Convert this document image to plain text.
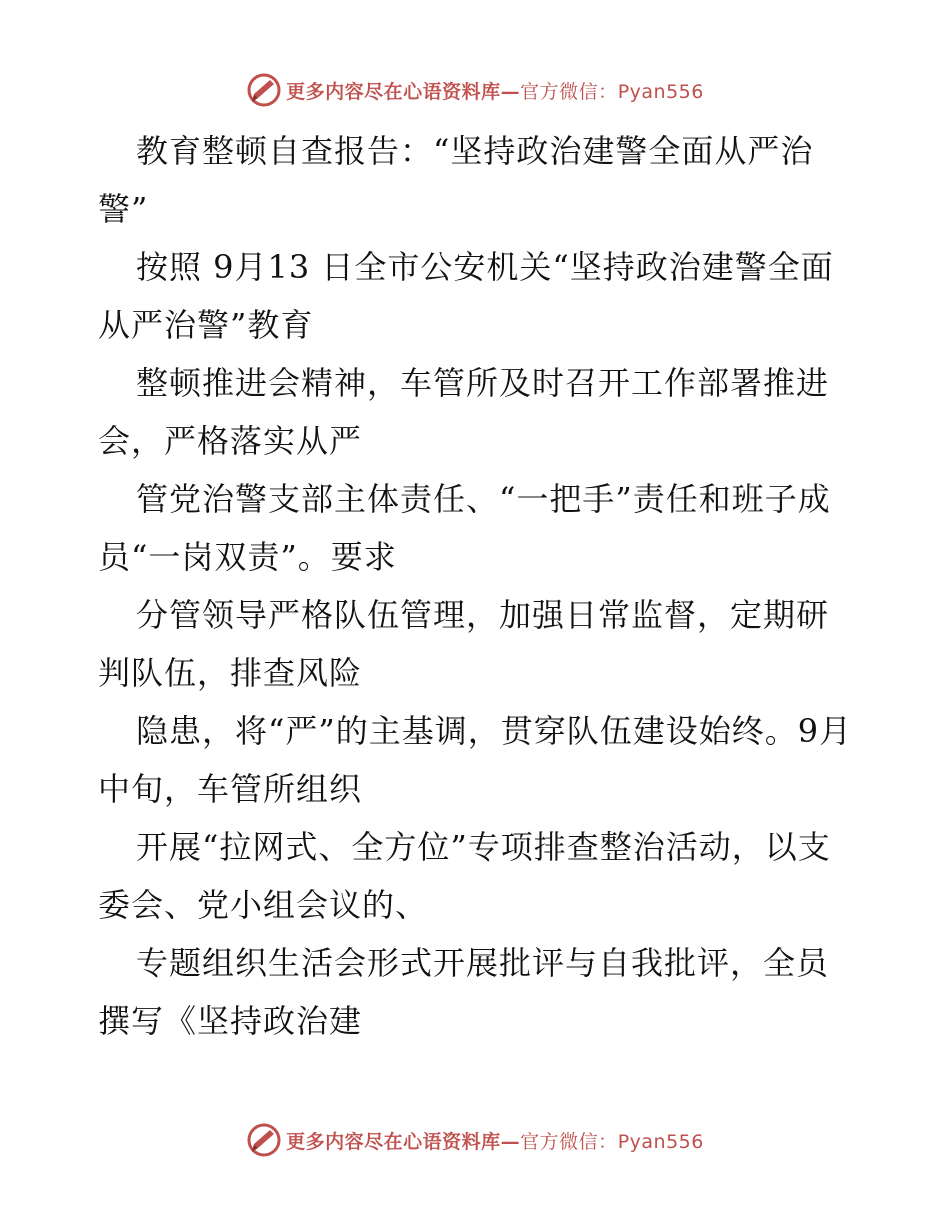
更多内容尽在心语资料库—官方微信：Pyan556

教育整顿自查报告：“坚持政治建警全面从严治警”

按照 9月13 日全市公安机关“坚持政治建警全面从严治警”教育

整顿推进会精神，车管所及时召开工作部署推进会，严格落实从严

管党治警支部主体责任、“一把手”责任和班子成员“一岗双责”。要求

分管领导严格队伍管理，加强日常监督，定期研判队伍，排查风险

隐患，将“严”的主基调，贯穿队伍建设始终。9月中旬，车管所组织

开展“拉网式、全方位”专项排查整治活动，以支委会、党小组会议的、

专题组织生活会形式开展批评与自我批评，全员撰写《坚持政治建

更多内容尽在心语资料库—官方微信：Pyan556
